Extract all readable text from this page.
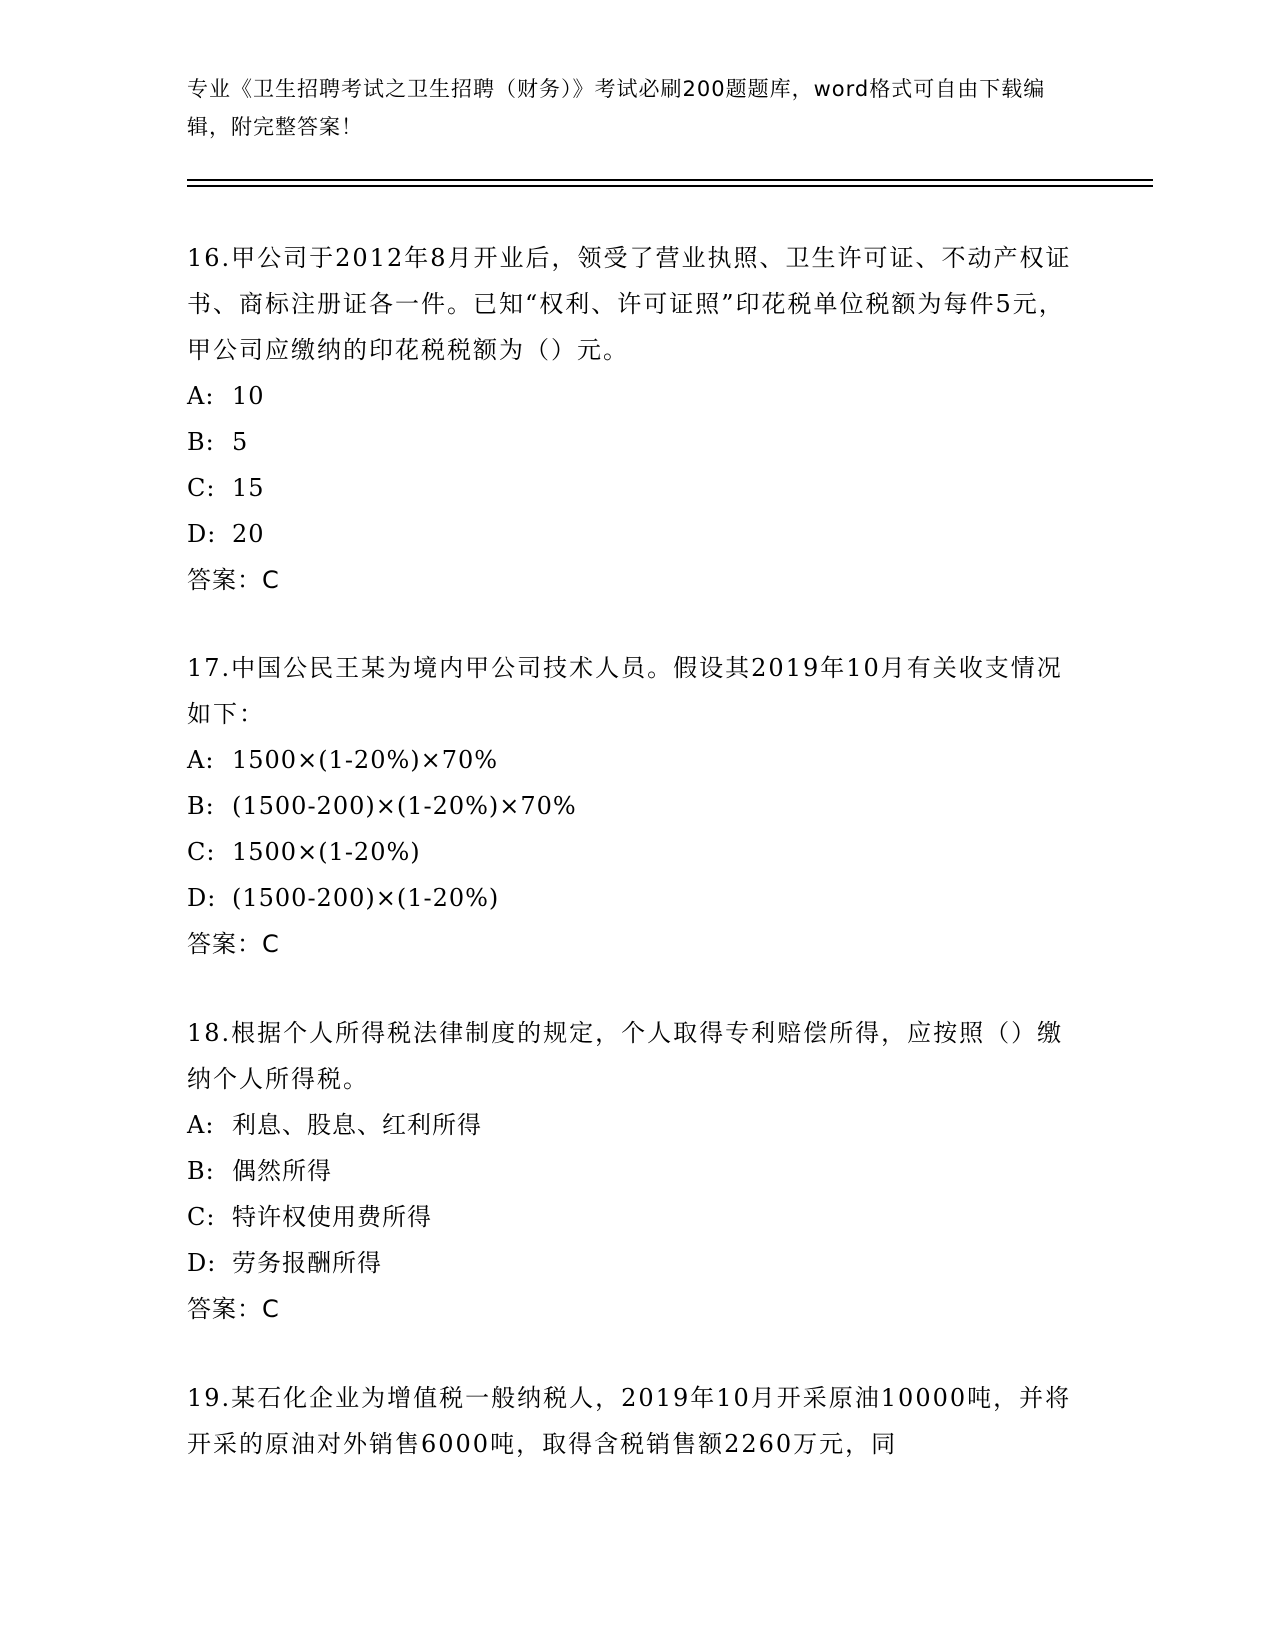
专业《卫生招聘考试之卫生招聘（财务）》考试必刷200题题库，word格式可自由下载编辑，附完整答案！

16.甲公司于2012年8月开业后，领受了营业执照、卫生许可证、不动产权证书、商标注册证各一件。已知“权利、许可证照”印花税单位税额为每件5元，甲公司应缴纳的印花税税额为（）元。

A: 10

B: 5

C: 15

D: 20

答案：C

17.中国公民王某为境内甲公司技术人员。假设其2019年10月有关收支情况如下：

A: 1500×(1-20%)×70%

B: (1500-200)×(1-20%)×70%

C: 1500×(1-20%)

D: (1500-200)×(1-20%)

答案：C

18.根据个人所得税法律制度的规定，个人取得专利赔偿所得，应按照（）缴纳个人所得税。

A: 利息、股息、红利所得

B: 偶然所得

C: 特许权使用费所得

D: 劳务报酬所得

答案：C

19.某石化企业为增值税一般纳税人，2019年10月开采原油10000吨，并将开采的原油对外销售6000吨，取得含税销售额2260万元，同
